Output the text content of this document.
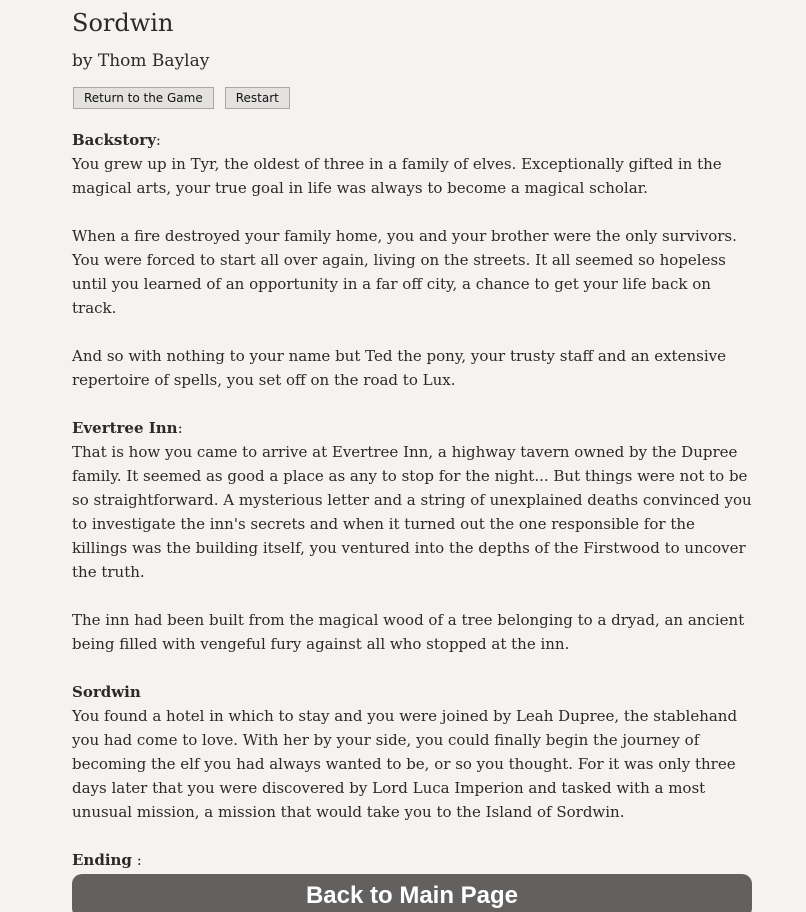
Sordwin
by Thom Baylay
Return to the Game	Restart

Backstory:

You grew up in Tyr, the oldest of three in a family of elves. Exceptionally gifted in the magical arts, your true goal in life was always to become a magical scholar.

When a fire destroyed your family home, you and your brother were the only survivors. You were forced to start all over again, living on the streets. It all seemed so hopeless until you learned of an opportunity in a far off city, a chance to get your life back on track.

And so with nothing to your name but Ted the pony, your trusty staff and an extensive repertoire of spells, you set off on the road to Lux.

Evertree Inn:

That is how you came to arrive at Evertree Inn, a highway tavern owned by the Dupree family. It seemed as good a place as any to stop for the night... But things were not to be so straightforward. A mysterious letter and a string of unexplained deaths convinced you to investigate the inn's secrets and when it turned out the one responsible for the killings was the building itself, you ventured into the depths of the Firstwood to uncover the truth.

The inn had been built from the magical wood of a tree belonging to a dryad, an ancient being filled with vengeful fury against all who stopped at the inn.

Sordwin

You found a hotel in which to stay and you were joined by Leah Dupree, the stablehand you had come to love. With her by your side, you could finally begin the journey of becoming the elf you had always wanted to be, or so you thought. For it was only three days later that you were discovered by Lord Luca Imperion and tasked with a most unusual mission, a mission that would take you to the Island of Sordwin.

Ending :

Back to Main Page
